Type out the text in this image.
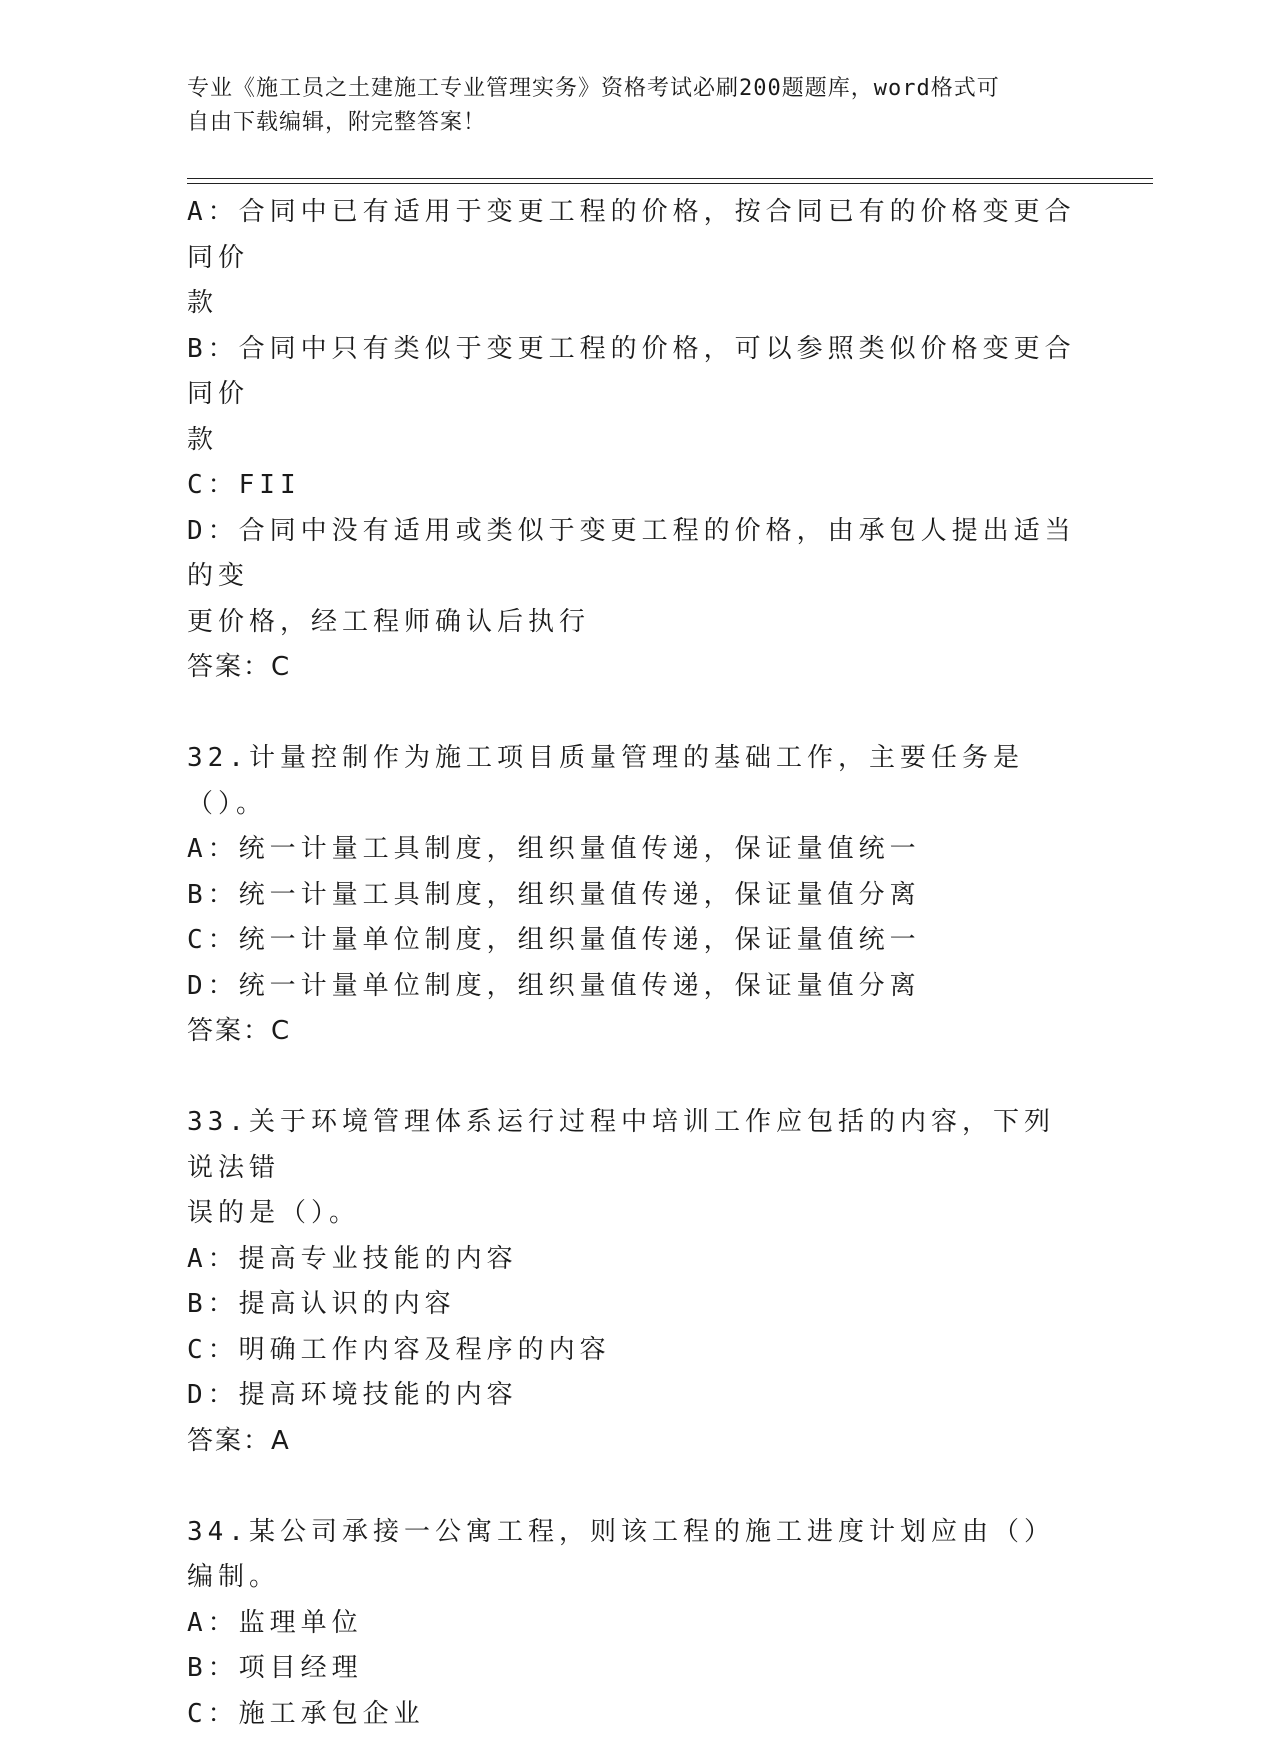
专业《施工员之土建施工专业管理实务》资格考试必刷200题题库，word格式可
自由下载编辑，附完整答案！
A：合同中已有适用于变更工程的价格，按合同已有的价格变更合同价
款
B：合同中只有类似于变更工程的价格，可以参照类似价格变更合同价
款
C：FII
D：合同中没有适用或类似于变更工程的价格，由承包人提出适当的变
更价格，经工程师确认后执行
答案：C
32.计量控制作为施工项目质量管理的基础工作，主要任务是（）。
A：统一计量工具制度，组织量值传递，保证量值统一
B：统一计量工具制度，组织量值传递，保证量值分离
C：统一计量单位制度，组织量值传递，保证量值统一
D：统一计量单位制度，组织量值传递，保证量值分离
答案：C
33.关于环境管理体系运行过程中培训工作应包括的内容，下列说法错
误的是（）。
A：提高专业技能的内容
B：提高认识的内容
C：明确工作内容及程序的内容
D：提高环境技能的内容
答案：A
34.某公司承接一公寓工程，则该工程的施工进度计划应由（）编制。
A：监理单位
B：项目经理
C：施工承包企业
